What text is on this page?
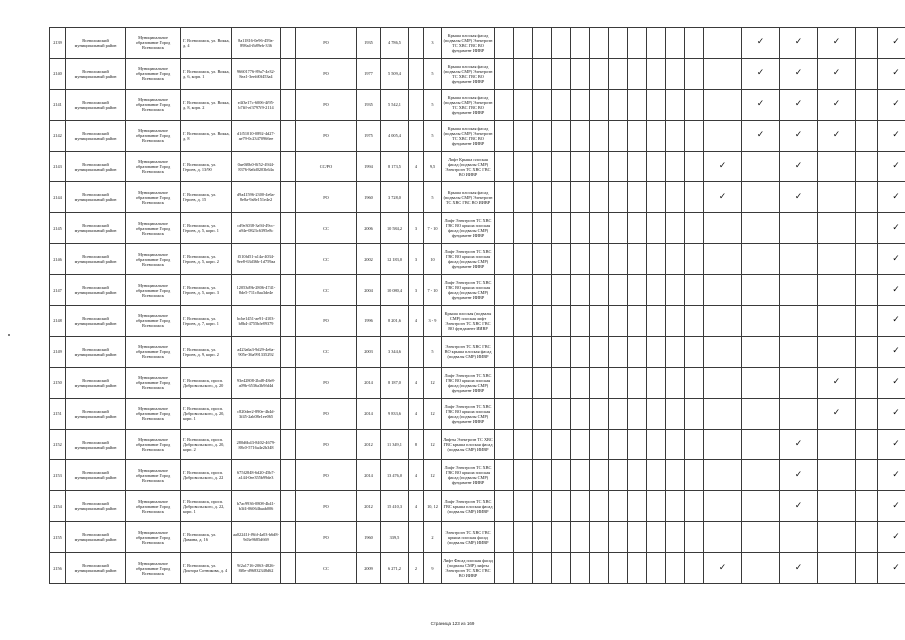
2139	Всеволожский муниципальный район	Муниципальное образование Город Всеволожск	Г. Всеволожск, ул. Вокка, д. 4	8a11816-0e96-459a-898a4-fb89eb-336		РО	1935	4 786,5		3	Крыша плоская фасад (подвалы СМР) Электроэн ТС ХВС ГВС ВО фундамент ИИВР													✓	✓	✓		✓
2140	Всеволожский муниципальный район	Муниципальное образование Город Всеволожск	Г. Всеволожск, ул. Вокка, д. 6, корп. 1	96601776-89a7-4e32-8ea1-3eefd0f453a4		РО	1977	5 509,4		5	Крыша плоская фасад (подвалы СМР) Электроэн ТС ХВС ГВС ВО фундамент ИИВР													✓	✓	✓		✓
2141	Всеволожский муниципальный район	Муниципальное образование Город Всеволожск	Г. Всеволожск, ул. Вокка, д. 8, корп. 2	e4f3e17c-6006-4f95-b7fff-ef3797f9-2114		РО	1935	5 542,1		5	Крыша плоская фасад (подвалы СМР) Электроэн ТС ХВС ГВС ВО фундамент ИИВР													✓	✓	✓		✓
2142	Всеволожский муниципальный район	Муниципальное образование Город Всеволожск	Г. Всеволожск, ул. Вокка, д. 8	d1f51010-0892-4d27-ae79-0c23470966ee		РО	1975	4 005,4		5	Крыша плоская фасад (подвалы СМР) Электроэн ТС ХВС ГВС ВО фундамент ИИВР													✓	✓	✓		✓
2143	Всеволожский муниципальный район	Муниципальное образование Город Всеволожск	Г. Всеволожск, ул. Героев, д. 13/90	0ae0f0b0-0f52-4944-8376-8a6d0203b64a		СС/РО	1994	8 173,5	4	9,5	Лифт Крыша плоская фасад (подвалы СМР) Электроэн ТС ХВС ГВС ВО ИИВР												✓		✓			✓
2144	Всеволожский муниципальный район	Муниципальное образование Город Всеволожск	Г. Всеволожск, ул. Героев, д. 15	d9a41596-2300-4e6a-8e8a-9a8e151e4e2		РО	1960	3 728,0		5	Крыша плоская фасад (подвалы СМР) Электроэн ТС ХВС ГВС ВО ИИВР												✓		✓			✓
2145	Всеволожский муниципальный район	Муниципальное образование Город Всеволожск	Г. Всеволожск, ул. Героев, д. 5, корп. 1	cd9e3038-3a94-49cc-a94e-0823c6395e8c		СС	2006	10 584,2	3	7 - 10	Лифт Электроэн ТС ХВС ГВС ВО крыша плоская фасад (подвалы СМР) фундамент ИИВР																	✓
2146	Всеволожский муниципальный район	Муниципальное образование Город Всеволожск	Г. Всеволожск, ул. Героев, д. 5, корп. 2	f510fd51-a14a-4034-9ee8-63d36b-1d759aa		СС	2002	12 183,0	3	10	Лифт Электроэн ТС ХВС ГВС ВО крыша плоская фасад (подвалы СМР) фундамент ИИВР																	✓
2147	Всеволожский муниципальный район	Муниципальное образование Город Всеволожск	Г. Всеволожск, ул. Героев, д. 5, корп. 3	12053d9b-2806-4741-8de5-711c0aa3de4e		СС	2004	10 080,4	3	7 - 10	Лифт Электроэн ТС ХВС ГВС ВО крыша плоская фасад (подвалы СМР) фундамент ИИВР																	✓
2148	Всеволожский муниципальный район	Муниципальное образование Город Всеволожск	Г. Всеволожск, ул. Героев, д. 7, корп. 1	bcbe1451-ae91-4103-b8b4-4755bfe89379		РО	1996	8 201,6	4	3 - 9	Крыша плоская (подвалы СМР) плоская лифт Электроэн ТС ХВС ГВС ВО фундамент ИИВР																	✓
2149	Всеволожский муниципальный район	Муниципальное образование Город Всеволожск	Г. Всеволожск, ул. Героев, д. 9, корп. 2	a423a6a3-9d29-4e6a-905e-36a991335292		СС	2003	3 344,6		5	Электроэн ТС ХВС ГВС ВО крыша плоская фасад (подвалы СМР) ИИВР																	✓
2150	Всеволожский муниципальный район	Муниципальное образование Город Всеволожск	Г. Всеволожск, просп. Добровольского, д. 20	93e42808-2bd8-48e8-a09b-6536a3b9fd4d		РО	2014	8 187,0	4	12	Лифт Электроэн ТС ХВС ГВС ВО крыша плоская фасад (подвалы СМР) фундамент ИИВР															✓		✓
2151	Всеволожский муниципальный район	Муниципальное образование Город Всеволожск	Г. Всеволожск, просп. Добровольского, д. 20, корп. 1	c820dee2-890e-4b4d-3f45-2ab08e1ee065		РО	2014	9 833,6	4	12	Лифт Электроэн ТС ХВС ГВС ВО крыша плоская фасад (подвалы СМР) фундамент ИИВР															✓		✓
2152	Всеволожский муниципальный район	Муниципальное образование Город Всеволожск	Г. Всеволожск, просп. Добровольского, д. 20, корп. 2	280d6b43-8402-4679-88c0-5716a4e2b348		РО	2012	11 349,1	8	12	Лифты Электроэн ТС ХВС ГВС крыша плоская фасад (подвалы СМР) ИИВР														✓			✓
2153	Всеволожский муниципальный район	Муниципальное образование Город Всеволожск	Г. Всеволожск, просп. Добровольского, д. 22	675f2848-6d20-45b7-a144-0ee355b99de3		РО	2014	13 476,0	4	12	Лифт Электроэн ТС ХВС ГВС ВО крыша плоская фасад (подвалы СМР) фундамент ИИВР														✓			✓
2154	Всеволожский муниципальный район	Муниципальное образование Город Всеволожск	Г. Всеволожск, просп. Добровольского, д. 22, корп. 1	b7ac9936-0808-4b41-b3f4-06064baab006		РО	2012	15 410,3	4	10, 12	Лифт Электроэн ТС ХВС ГВС крыша плоская фасад (подвалы СМР) ИИВР														✓			✓
2155	Всеволожский муниципальный район	Муниципальное образование Город Всеволожск	Г. Всеволожск, ул. Дамина, д. 16	aa02241f-f9fd-4a03-b6d8-9d3e9685d669		РО	1960	339,5		2	Электроэн ТС ХВС ГВС крыша плоская фасад (подвалы СМР) ИИВР																	✓
2156	Всеволожский муниципальный район	Муниципальное образование Город Всеволожск	Г. Всеволожск, ул. Доктора Сотникова, д. 4	9f2a1716-2063-4826-8f0e-d96832348d62		СС	2009	6 271,2	2	9	Лифт Фасад плоская фасад (подвалы СМР) лифты Электроэн ТС ХВС ГВС ВО ИИВР												✓		✓			✓
Страница 123 из 169
